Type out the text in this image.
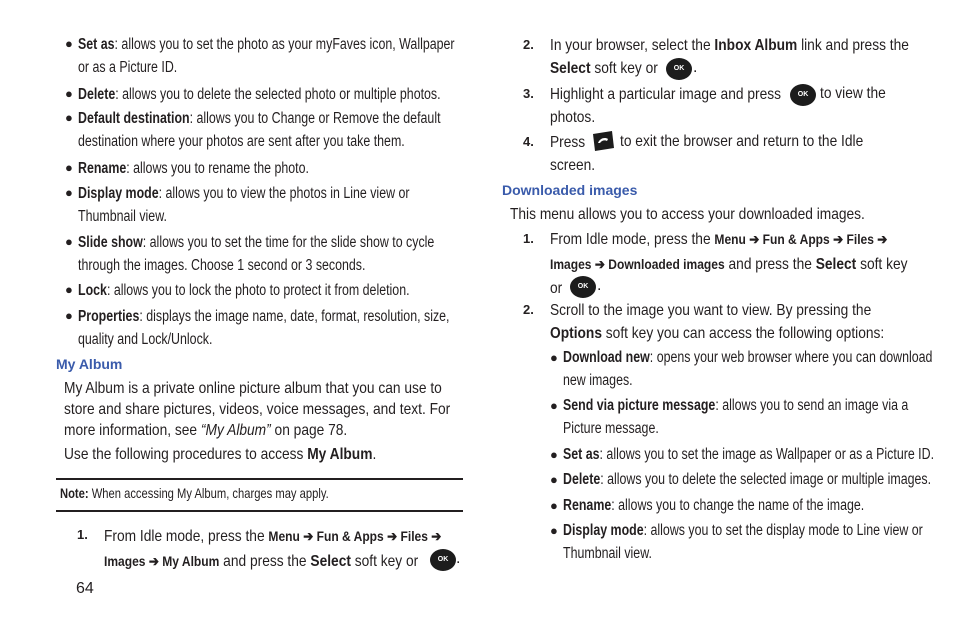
● Set as: allows you to set the photo as your myFaves icon, Wallpaper
or as a Picture ID.
● Delete: allows you to delete the selected photo or multiple photos.
● Default destination: allows you to Change or Remove the default
destination where your photos are sent after you take them.
● Rename: allows you to rename the photo.
● Display mode: allows you to view the photos in Line view or
Thumbnail view.
● Slide show: allows you to set the time for the slide show to cycle
through the images. Choose 1 second or 3 seconds.
● Lock: allows you to lock the photo to protect it from deletion.
● Properties: displays the image name, date, format, resolution, size,
quality and Lock/Unlock.
My Album
My Album is a private online picture album that you can use to
store and share pictures, videos, voice messages, and text. For
more information, see “My Album” on page 78.
Use the following procedures to access My Album.
Note: When accessing My Album, charges may apply.
1. From Idle mode, press the Menu ➔ Fun & Apps ➔ Files ➔
Images ➔ My Album and press the Select soft key or	OK .
64
2. In your browser, select the Inbox Album link and press the
Select soft key or	OK .
3. Highlight a particular image and press
photos.
OK to view the
4. Press
screen.
to exit the browser and return to the Idle
Downloaded images
This menu allows you to access your downloaded images.
1. From Idle mode, press the Menu ➔ Fun & Apps ➔ Files ➔
Images ➔ Downloaded images and press the Select soft key
or	OK .
2. Scroll to the image you want to view. By pressing the
Options soft key you can access the following options:
● Download new: opens your web browser where you can download
new images.
● Send via picture message: allows you to send an image via a
Picture message.
● Set as: allows you to set the image as Wallpaper or as a Picture ID.
● Delete: allows you to delete the selected image or multiple images.
● Rename: allows you to change the name of the image.
● Display mode: allows you to set the display mode to Line view or
Thumbnail view.
